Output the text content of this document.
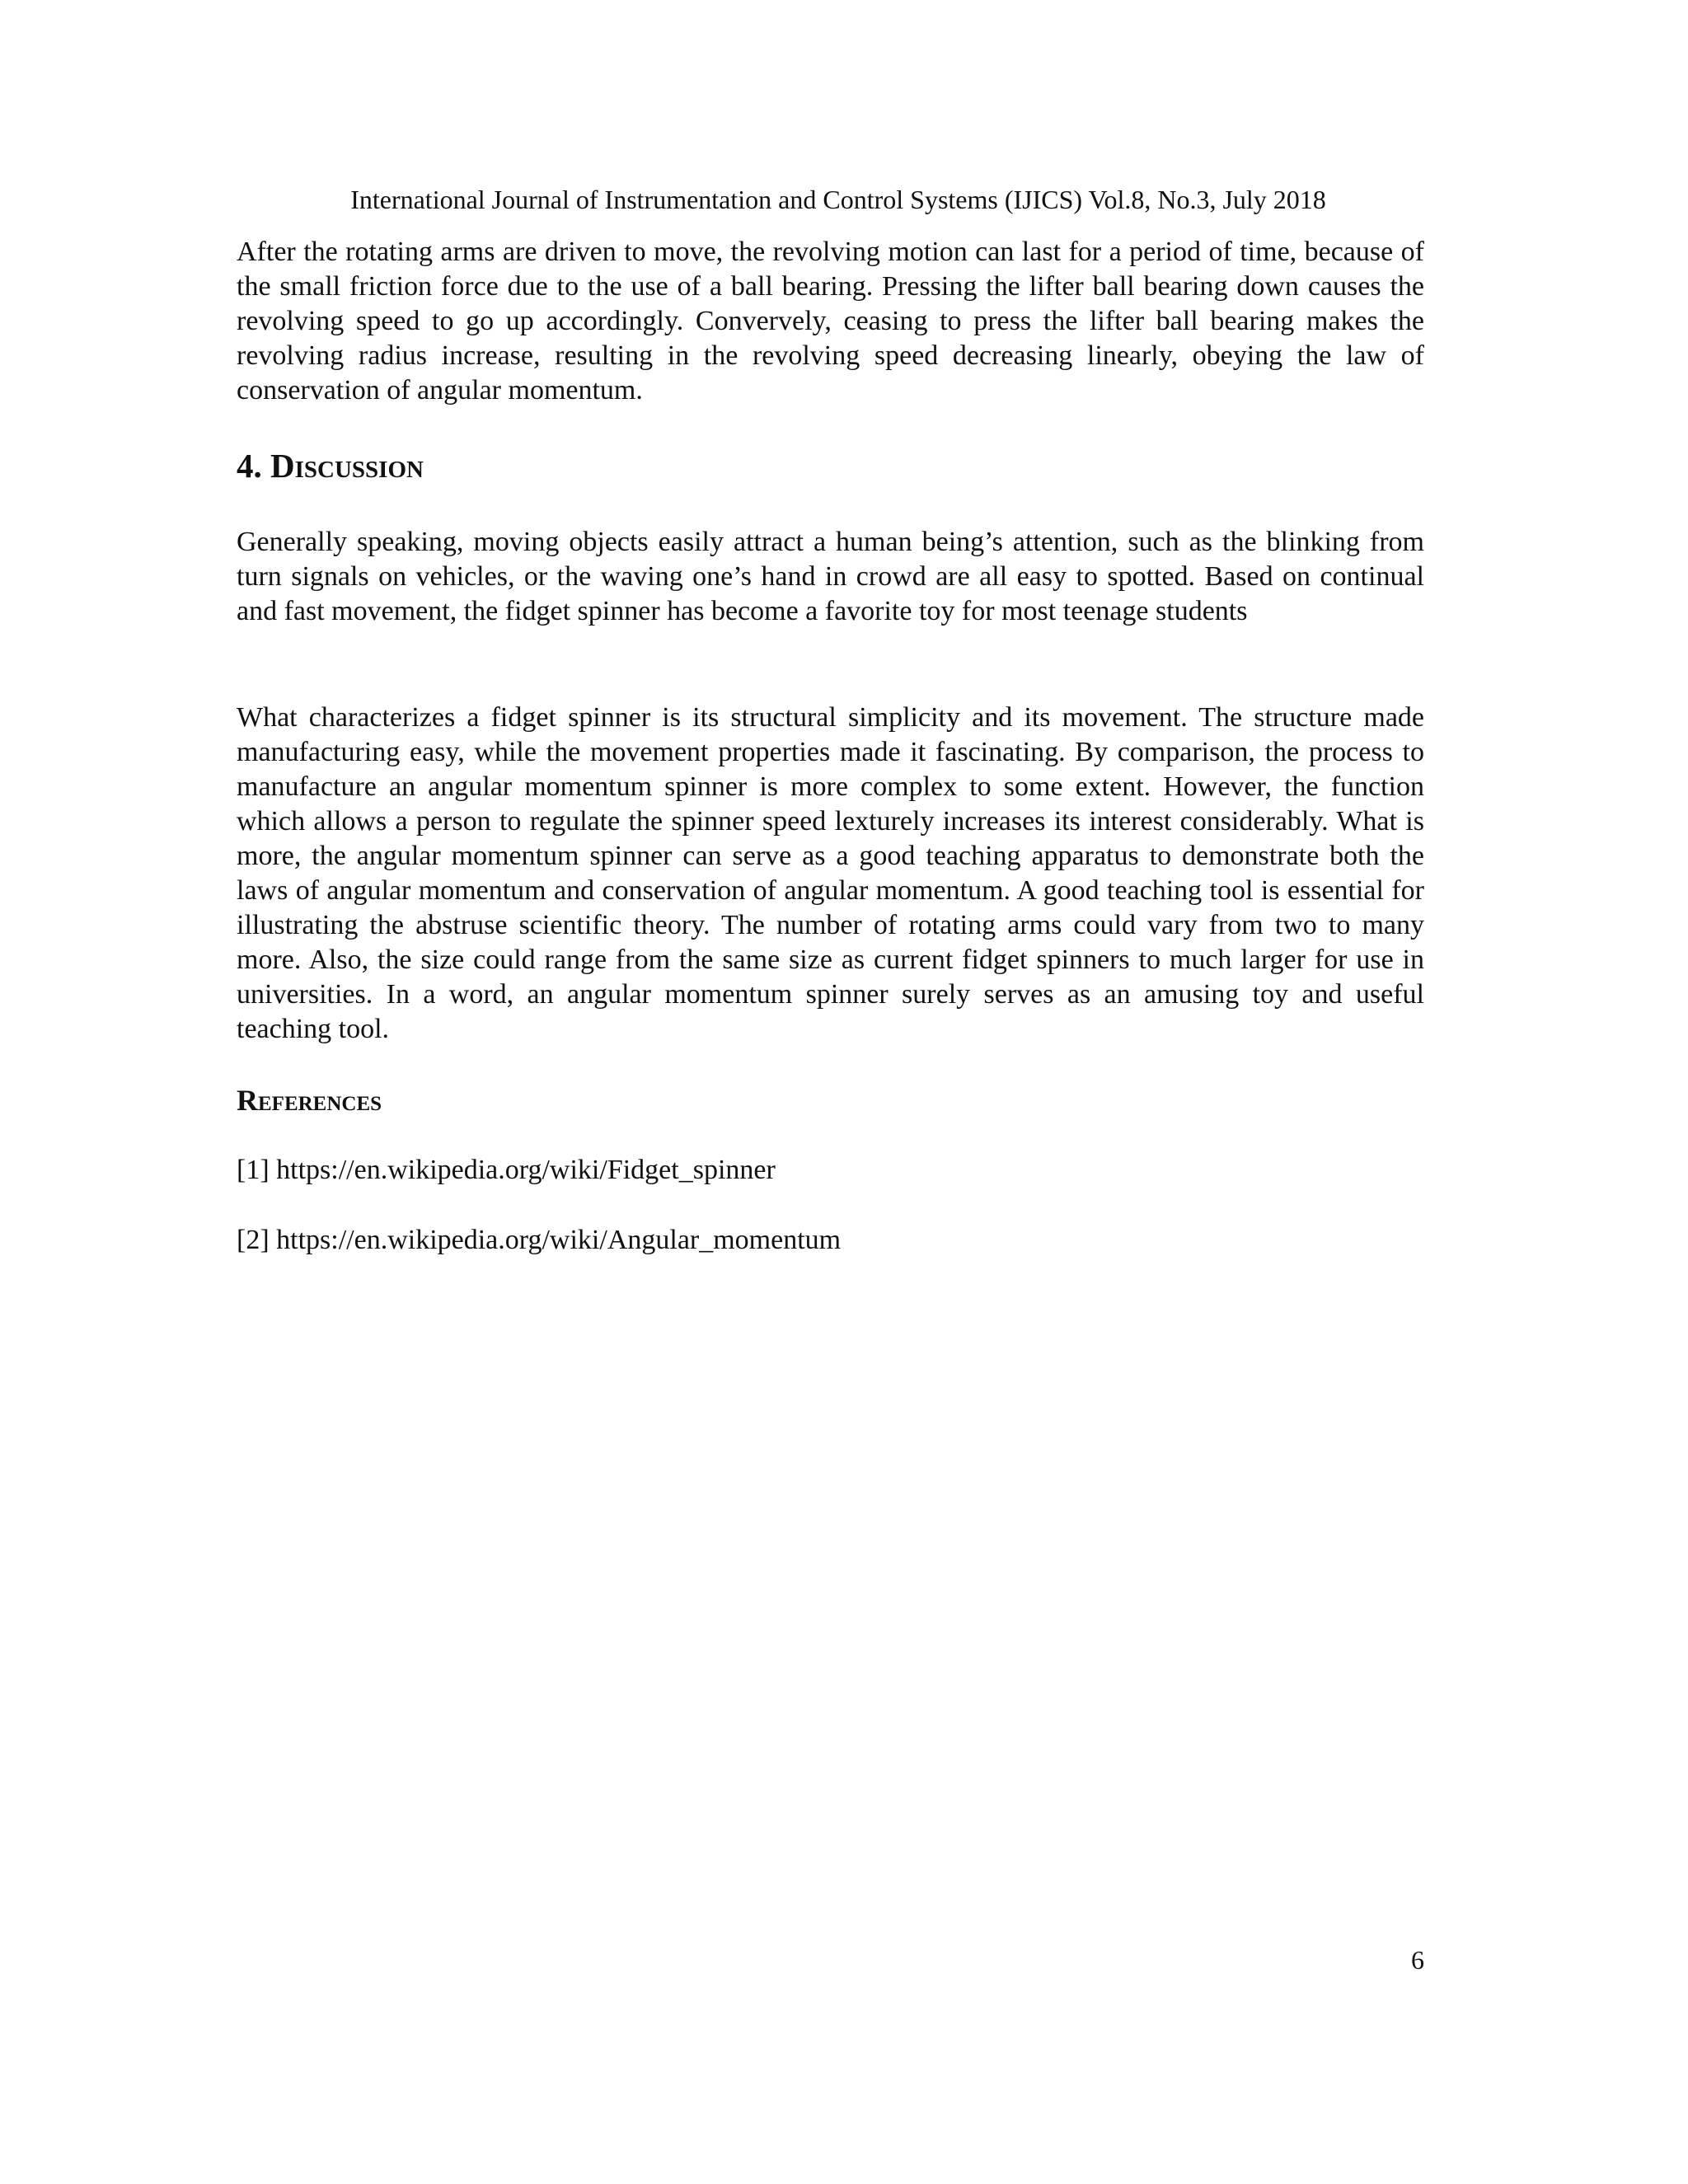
International Journal of Instrumentation and Control Systems (IJICS) Vol.8, No.3, July 2018

After the rotating arms are driven to move, the revolving motion can last for a period of time, because of the small friction force due to the use of a ball bearing. Pressing the lifter ball bearing down causes the revolving speed to go up accordingly. Convervely, ceasing to press the lifter ball bearing makes the revolving radius increase, resulting in the revolving speed decreasing linearly, obeying the law of conservation of angular momentum.

4. Discussion

Generally speaking, moving objects easily attract a human being’s attention, such as the blinking from turn signals on vehicles, or the waving one’s hand in crowd are all easy to spotted. Based on continual and fast movement, the fidget spinner has become a favorite toy for most teenage students

What characterizes a fidget spinner is its structural simplicity and its movement. The structure made manufacturing easy, while the movement properties made it fascinating. By comparison, the process to manufacture an angular momentum spinner is more complex to some extent. However, the function which allows a person to regulate the spinner speed lexturely increases its interest considerably. What is more, the angular momentum spinner can serve as a good teaching apparatus to demonstrate both the laws of angular momentum and conservation of angular momentum. A good teaching tool is essential for illustrating the abstruse scientific theory. The number of rotating arms could vary from two to many more. Also, the size could range from the same size as current fidget spinners to much larger for use in universities. In a word, an angular momentum spinner surely serves as an amusing toy and useful teaching tool.

References

[1] https://en.wikipedia.org/wiki/Fidget_spinner

[2] https://en.wikipedia.org/wiki/Angular_momentum

6
